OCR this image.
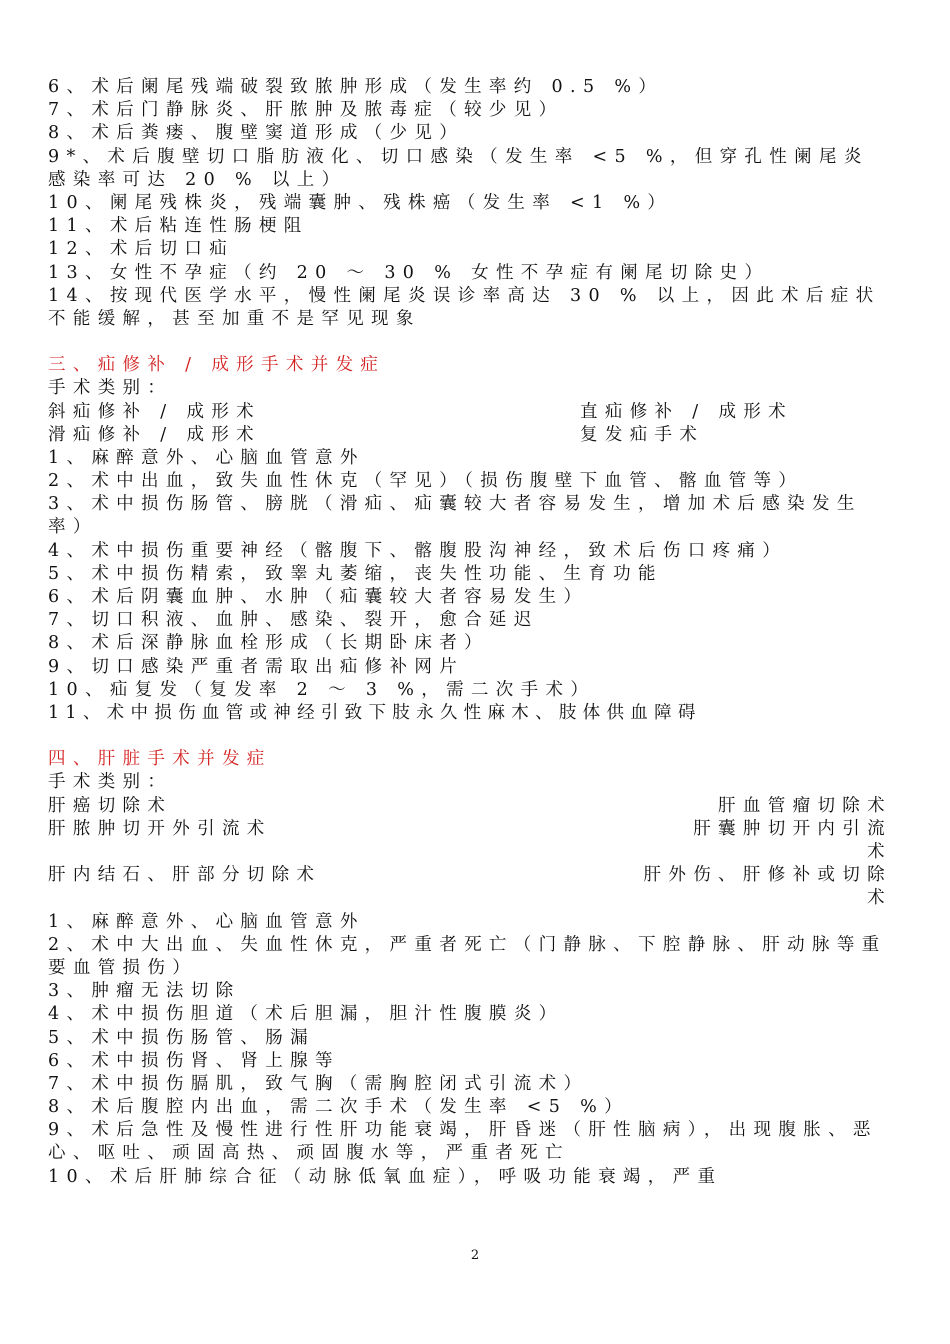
6、术后阑尾残端破裂致脓肿形成（发生率约 0.5 %）
7、术后门静脉炎、肝脓肿及脓毒症（较少见）
8、术后粪瘘、腹壁窦道形成（少见）
9*、术后腹壁切口脂肪液化、切口感染（发生率 <5 %，但穿孔性阑尾炎感染率可达 20 % 以上）
10、阑尾残株炎，残端囊肿、残株癌（发生率 <1 %）
11、术后粘连性肠梗阻
12、术后切口疝
13、女性不孕症（约 20 ～ 30 % 女性不孕症有阑尾切除史）
14、按现代医学水平，慢性阑尾炎误诊率高达 30 % 以上，因此术后症状不能缓解，甚至加重不是罕见现象
三、疝修补 / 成形手术并发症
手术类别：
斜疝修补 / 成形术	直疝修补 / 成形术
滑疝修补 / 成形术	复发疝手术
1、麻醉意外、心脑血管意外
2、术中出血，致失血性休克（罕见）（损伤腹壁下血管、髂血管等）
3、术中损伤肠管、膀胱（滑疝、疝囊较大者容易发生，增加术后感染发生率）
4、术中损伤重要神经（髂腹下、髂腹股沟神经，致术后伤口疼痛）
5、术中损伤精索，致睾丸萎缩，丧失性功能、生育功能
6、术后阴囊血肿、水肿（疝囊较大者容易发生）
7、切口积液、血肿、感染、裂开，愈合延迟
8、术后深静脉血栓形成（长期卧床者）
9、切口感染严重者需取出疝修补网片
10、疝复发（复发率 2 ～ 3 %，需二次手术）
11、术中损伤血管或神经引致下肢永久性麻木、肢体供血障碍
四、肝脏手术并发症
手术类别：
肝癌切除术	肝血管瘤切除术
肝脓肿切开外引流术	肝囊肿切开内引流术
肝内结石、肝部分切除术	肝外伤、肝修补或切除术
1、麻醉意外、心脑血管意外
2、术中大出血、失血性休克，严重者死亡（门静脉、下腔静脉、肝动脉等重要血管损伤）
3、肿瘤无法切除
4、术中损伤胆道（术后胆漏，胆汁性腹膜炎）
5、术中损伤肠管、肠漏
6、术中损伤肾、肾上腺等
7、术中损伤膈肌，致气胸（需胸腔闭式引流术）
8、术后腹腔内出血，需二次手术（发生率 <5 %）
9、术后急性及慢性进行性肝功能衰竭，肝昏迷（肝性脑病），出现腹胀、恶心、呕吐、顽固高热、顽固腹水等，严重者死亡
10、术后肝肺综合征（动脉低氧血症），呼吸功能衰竭，严重
2
